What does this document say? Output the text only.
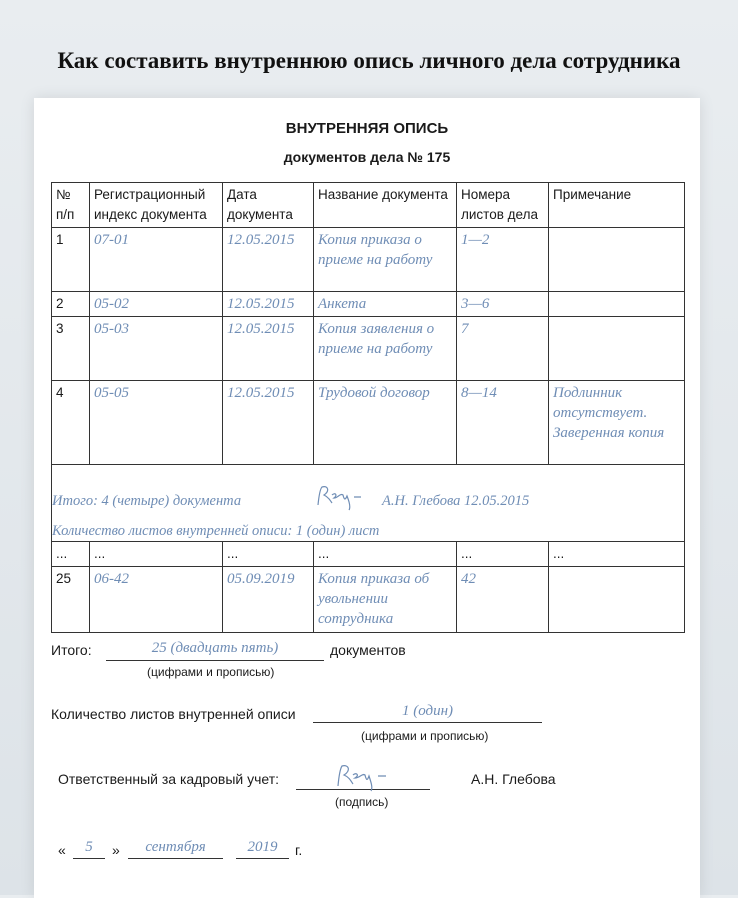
Как составить внутреннюю опись личного дела сотрудника
ВНУТРЕННЯЯ ОПИСЬ
документов дела № 175
№ п/п	Регистрационный индекс документа	Дата документа	Название документа	Номера листов дела	Примечание
1	07-01	12.05.2015	Копия приказа о приеме на работу	1—2	
2	05-02	12.05.2015	Анкета	3—6	
3	05-03	12.05.2015	Копия заявления о приеме на работу	7	
4	05-05	12.05.2015	Трудовой договор	8—14	Подлинник отсутствует. Заверенная копия

Итого: 4 (четыре) документа	А.Н. Глебова 12.05.2015
Количество листов внутренней описи: 1 (один) лист

...	...	...	...	...	...
25	06-42	05.09.2019	Копия приказа об увольнении сотрудника	42	
Итого:	25 (двадцать пять)	документов
(цифрами и прописью)
Количество листов внутренней описи	1 (один)
(цифрами и прописью)
Ответственный за кадровый учет:	А.Н. Глебова
(подпись)
«	5	»	сентября	2019	г.
